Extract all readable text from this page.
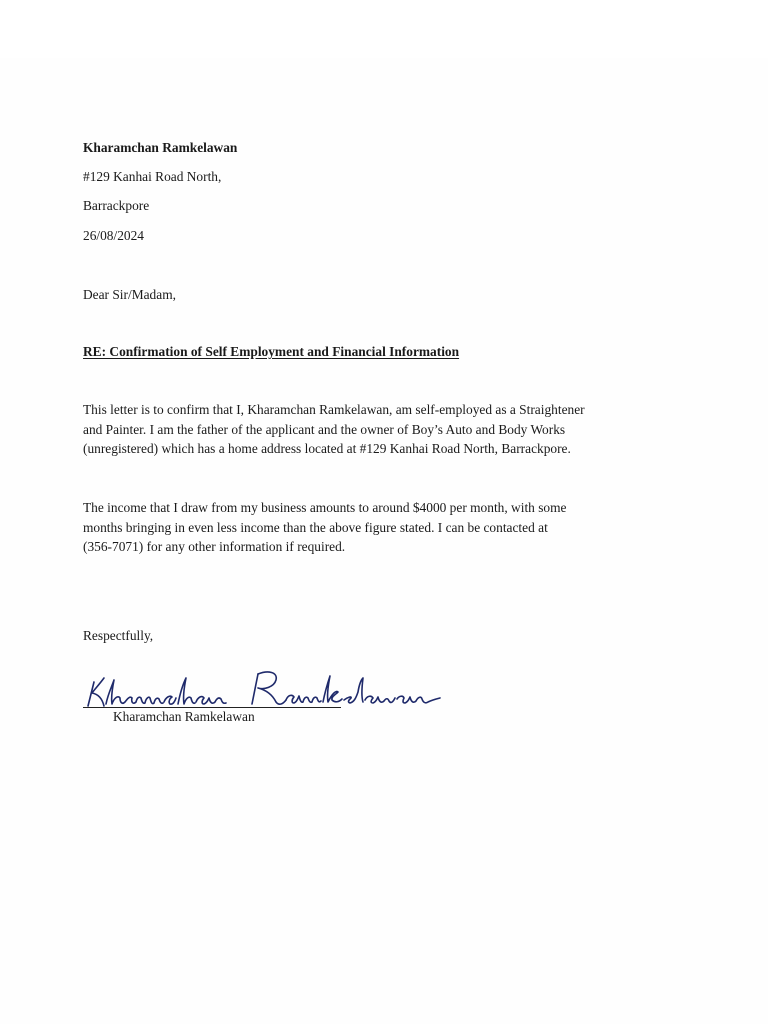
Kharamchan Ramkelawan
#129 Kanhai Road North,
Barrackpore
26/08/2024
Dear Sir/Madam,
RE: Confirmation of Self Employment and Financial Information

This letter is to confirm that I, Kharamchan Ramkelawan, am self-employed as a Straightener

and Painter. I am the father of the applicant and the owner of Boy’s Auto and Body Works

(unregistered) which has a home address located at #129 Kanhai Road North, Barrackpore.

The income that I draw from my business amounts to around $4000 per month, with some

months bringing in even less income than the above figure stated. I can be contacted at

(356-7071) for any other information if required.

Respectfully,
Kharamchan Ramkelawan
